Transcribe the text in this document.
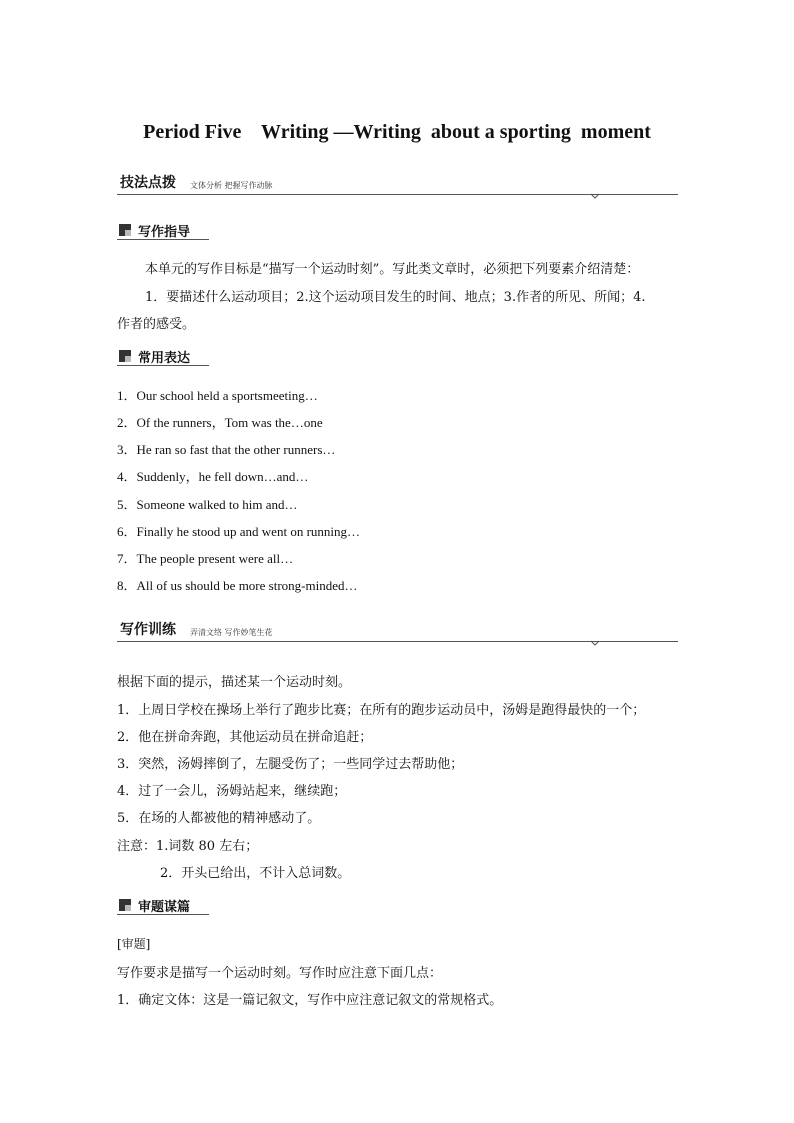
Period Five    Writing —Writing  about a sporting  moment
技法点拨 文体分析 把握写作动脉
写作指导
本单元的写作目标是“描写一个运动时刻”。写此类文章时，必须把下列要素介绍清楚：
1．要描述什么运动项目；2.这个运动项目发生的时间、地点；3.作者的所见、所闻；4.
作者的感受。
常用表达
1．Our school held a sportsmeeting…
2．Of the runners，Tom was the…one
3．He ran so fast that the other runners…
4．Suddenly，he fell down…and…
5．Someone walked to him and…
6．Finally he stood up and went on running…
7．The people present were all…
8．All of us should be more strong-minded…
写作训练 弄清文络 写作妙笔生花
根据下面的提示，描述某一个运动时刻。
1．上周日学校在操场上举行了跑步比赛；在所有的跑步运动员中，汤姆是跑得最快的一个；
2．他在拼命奔跑，其他运动员在拼命追赶；
3．突然，汤姆摔倒了，左腿受伤了；一些同学过去帮助他；
4．过了一会儿，汤姆站起来，继续跑；
5．在场的人都被他的精神感动了。
注意：1.词数 80 左右；
2．开头已给出，不计入总词数。
审题谋篇
[审题]
写作要求是描写一个运动时刻。写作时应注意下面几点：
1．确定文体：这是一篇记叙文，写作中应注意记叙文的常规格式。
